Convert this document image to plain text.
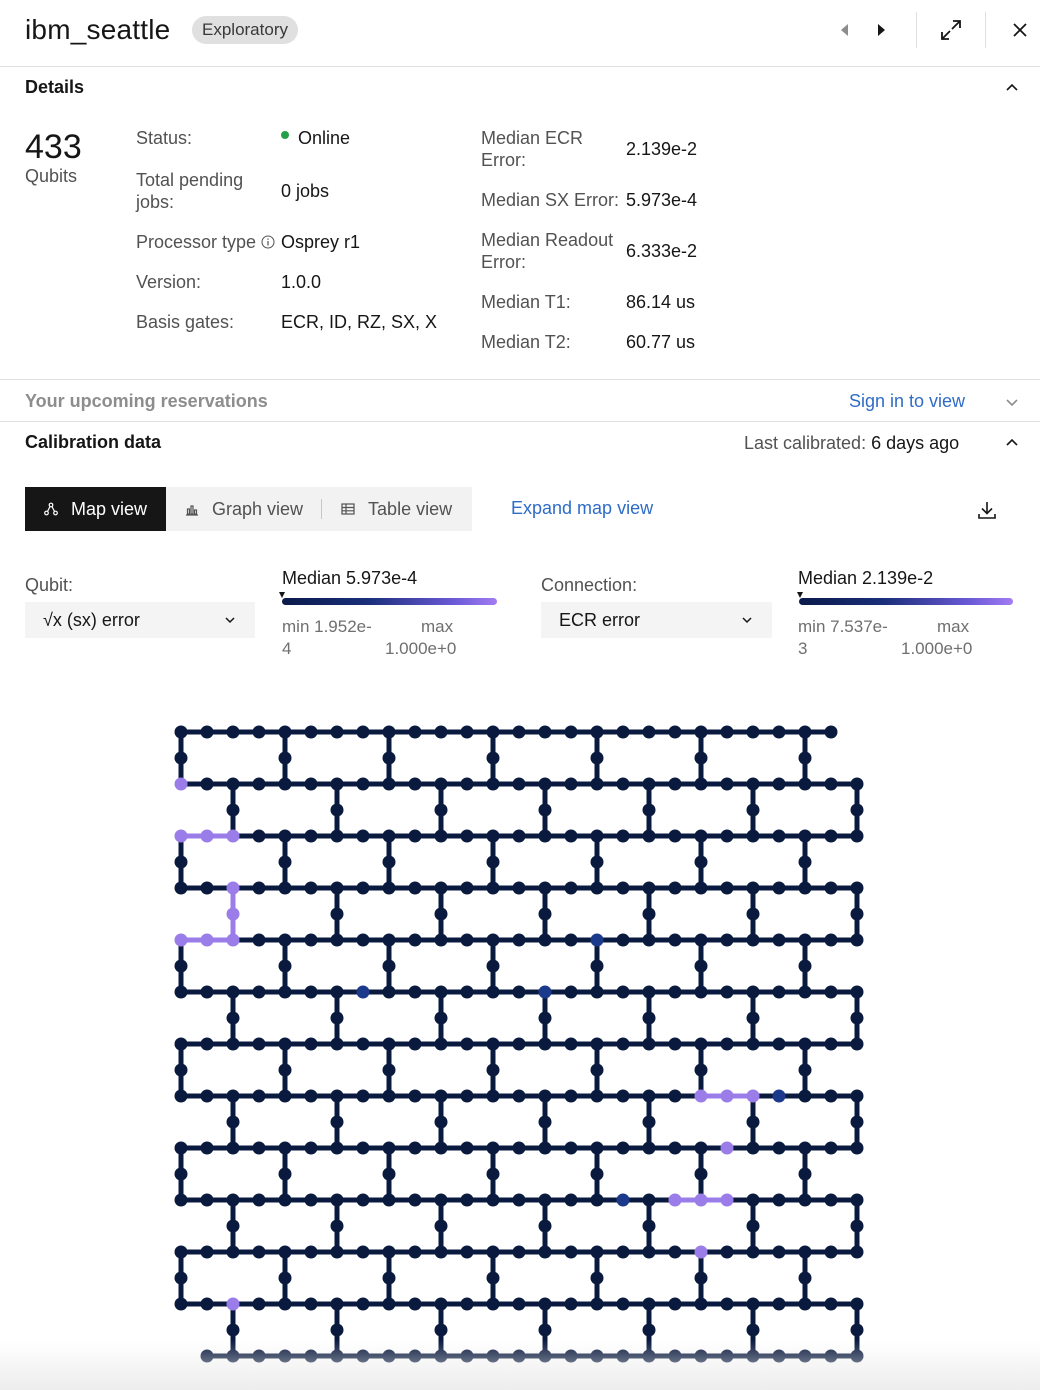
ibm_seattle	Exploratory
Details
433
Qubits
Status:	Online
Total pending jobs:
0 jobs
Processor type Osprey r1
Version:	1.0.0
Basis gates:	ECR, ID, RZ, SX, X
Median ECR Error:
2.139e-2
Median SX Error: 5.973e-4
Median Readout Error:
6.333e-2
Median T1:	86.14 us
Median T2:	60.77 us
Your upcoming reservations	Sign in to view
Calibration data	Last calibrated: 6 days ago
Map view	Graph view	Table view	Expand map view
Qubit:
√x (sx) error
Median 5.973e-4
min 1.952e-	max
4	1.000e+0
Connection:
ECR error
Median 2.139e-2
min 7.537e-	max
3	1.000e+0
